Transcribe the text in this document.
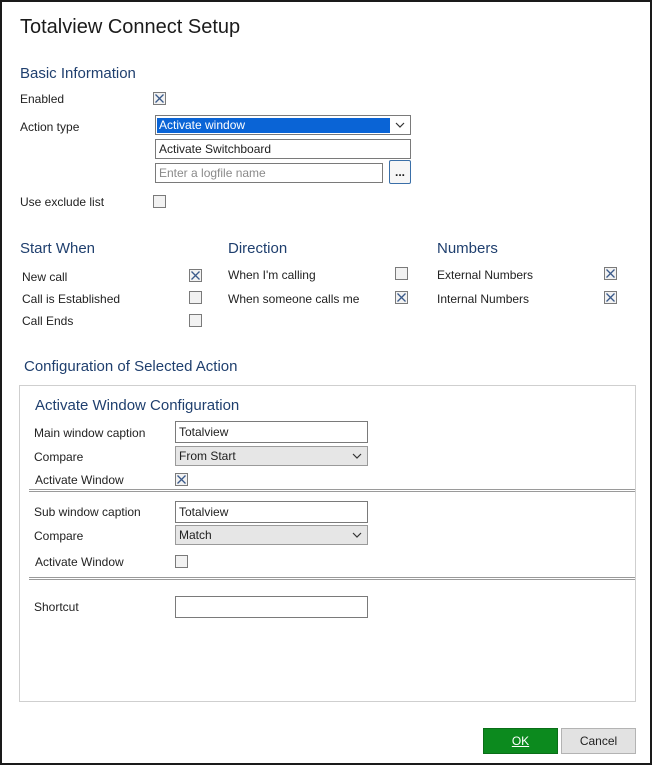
Totalview Connect Setup
Basic Information
Enabled
Action type	Activate window
Activate Switchboard
Enter a logfile name	...
Use exclude list
Start When
New call
Call is Established
Call Ends
Direction
When I'm calling
When someone calls me
Numbers
External Numbers
Internal Numbers
Configuration of Selected Action
Activate Window Configuration
Main window caption	Totalview
Compare	From Start
Activate Window
Sub window caption	Totalview
Compare	Match
Activate Window
Shortcut
OK	Cancel
